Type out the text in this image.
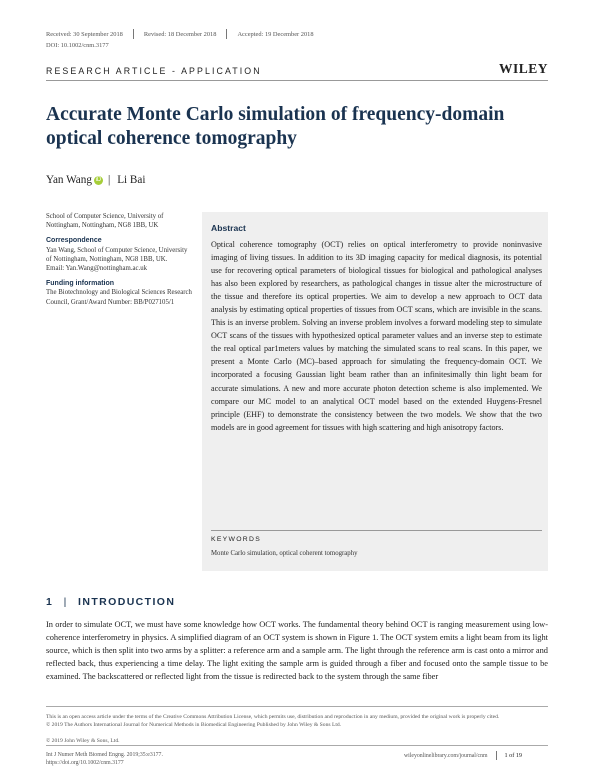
Received: 30 September 2018	Revised: 18 December 2018	Accepted: 19 December 2018
DOI: 10.1002/cnm.3177
RESEARCH ARTICLE - APPLICATION	WILEY
Accurate Monte Carlo simulation of frequency-domain optical coherence tomography
Yan Wang iD | Li Bai

School of Computer Science, University of Nottingham, Nottingham, NG8 1BB, UK

Correspondence

Yan Wang, School of Computer Science, University of Nottingham, Nottingham, NG8 1BB, UK.

Email: Yan.Wang@nottingham.ac.uk

Funding information

The Biotechnology and Biological Sciences Research Council, Grant/Award Number: BB/P027105/1

Abstract
Optical coherence tomography (OCT) relies on optical interferometry to provide noninvasive imaging of living tissues. In addition to its 3D imaging capacity for medical diagnosis, its potential use for recovering optical parameters of biological tissues for biological and pathological analyses has also been explored by researchers, as pathological changes in tissue alter the microstructure of the tissue and therefore its optical properties. We aim to develop a new approach to OCT data analysis by estimating optical properties of tissues from OCT scans, which are invisible in the scans. This is an inverse problem. Solving an inverse problem involves a forward modeling step to simulate OCT scans of the tissues with hypothesized optical parameter values and an inverse step to estimate the real optical par1meters values by matching the simulated scans to real scans. In this paper, we present a Monte Carlo (MC)–based approach for simulating the frequency-domain OCT. We incorporated a focusing Gaussian light beam rather than an infinitesimally thin light beam for accurate simulations. A new and more accurate photon detection scheme is also implemented. We compare our MC model to an analytical OCT model based on the extended Huygens-Fresnel principle (EHF) to demonstrate the consistency between the two models. We show that the two models are in good agreement for tissues with high scattering and high anisotropy factors.
KEYWORDS
Monte Carlo simulation, optical coherent tomography
1 | INTRODUCTION
In order to simulate OCT, we must have some knowledge how OCT works. The fundamental theory behind OCT is ranging measurement using low-coherence interferometry in physics. A simplified diagram of an OCT system is shown in Figure 1. The OCT system emits a light beam from its light source, which is then split into two arms by a splitter: a reference arm and a sample arm. The light through the reference arm is cast onto a mirror and reflected back, thus experiencing a time delay. The light exiting the sample arm is guided through a fiber and focused onto the sample tissue to be examined. The backscattered or reflected light from the tissue is redirected back to the system through the same fiber
This is an open access article under the terms of the Creative Commons Attribution License, which permits use, distribution and reproduction in any medium, provided the original work is properly cited.
© 2019 The Authors International Journal for Numerical Methods in Biomedical Engineering Published by John Wiley & Sons Ltd.
© 2019 John Wiley & Sons, Ltd.
Int J Numer Meth Biomed Engng. 2019;35:e3177.
https://doi.org/10.1002/cnm.3177
wileyonlinelibrary.com/journal/cnm	1 of 19
